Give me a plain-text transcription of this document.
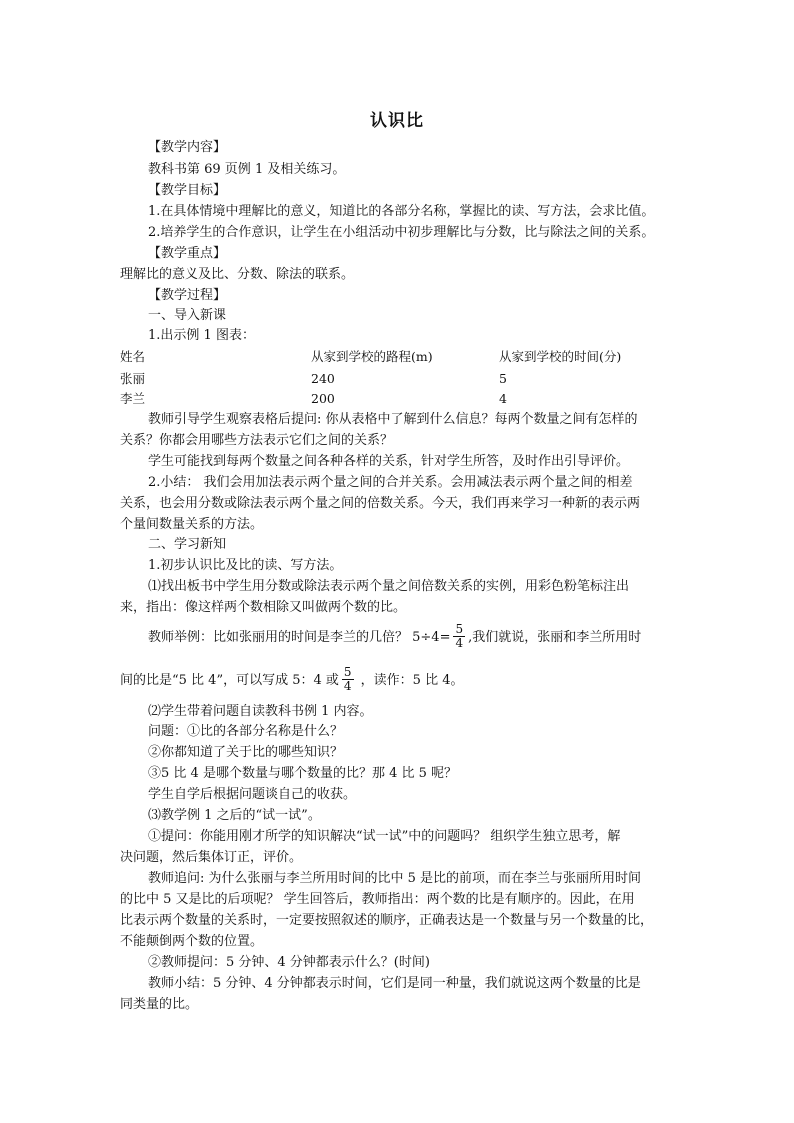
认识比
【教学内容】
教科书第 69 页例 1 及相关练习。
【教学目标】
1.在具体情境中理解比的意义，知道比的各部分名称，掌握比的读、写方法，会求比值。
2.培养学生的合作意识，让学生在小组活动中初步理解比与分数，比与除法之间的关系。
【教学重点】
理解比的意义及比、分数、除法的联系。
【教学过程】
一、导入新课
1.出示例 1 图表：
姓名	从家到学校的路程(m)	从家到学校的时间(分)
张丽	240	5
李兰	200	4
教师引导学生观察表格后提问: 你从表格中了解到什么信息？每两个数量之间有怎样的
关系？你都会用哪些方法表示它们之间的关系？
学生可能找到每两个数量之间各种各样的关系，针对学生所答，及时作出引导评价。
2.小结： 我们会用加法表示两个量之间的合并关系。会用减法表示两个量之间的相差
关系，也会用分数或除法表示两个量之间的倍数关系。今天，我们再来学习一种新的表示两
个量间数量关系的方法。
二、学习新知
1.初步认识比及比的读、写方法。
⑴找出板书中学生用分数或除法表示两个量之间倍数关系的实例，用彩色粉笔标注出
来，指出：像这样两个数相除又叫做两个数的比。
教师举例：比如张丽用的时间是李兰的几倍？ $5\div 4= \frac{5}{4}$ ,我们就说，张丽和李兰所用时
间的比是“5 比 4”，可以写成 5：4 或 $\frac{5}{4}$ ，读作：5 比 4。
⑵学生带着问题自读教科书例 1 内容。
问题：①比的各部分名称是什么？
②你都知道了关于比的哪些知识？
③5 比 4 是哪个数量与哪个数量的比？那 4 比 5 呢？
学生自学后根据问题谈自己的收获。
⑶教学例 1 之后的“试一试”。
①提问：你能用刚才所学的知识解决“试一试”中的问题吗？ 组织学生独立思考，解
决问题，然后集体订正，评价。
教师追问: 为什么张丽与李兰所用时间的比中 5 是比的前项，而在李兰与张丽所用时间
的比中 5 又是比的后项呢？ 学生回答后，教师指出：两个数的比是有顺序的。因此，在用
比表示两个数量的关系时，一定要按照叙述的顺序，正确表达是一个数量与另一个数量的比，
不能颠倒两个数的位置。
②教师提问：5 分钟、4 分钟都表示什么？(时间)
教师小结：5 分钟、4 分钟都表示时间，它们是同一种量，我们就说这两个数量的比是
同类量的比。
